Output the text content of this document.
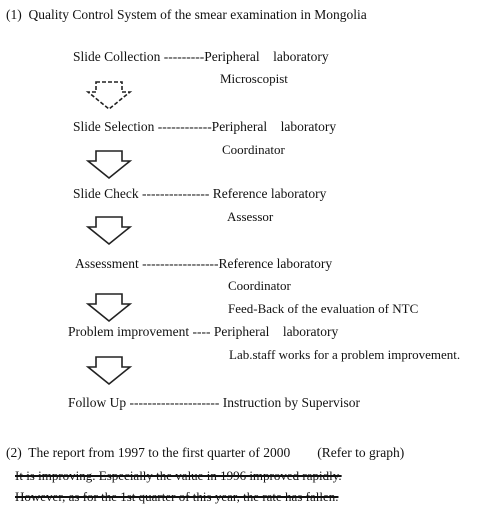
(1)  Quality Control System of the smear examination in Mongolia
Slide Collection ---------Peripheral    laboratory
Microscopist
Slide Selection ------------Peripheral    laboratory
Coordinator
Slide Check --------------- Reference laboratory
Assessor
Assessment -----------------Reference laboratory
Coordinator
Feed-Back of the evaluation of NTC
Problem improvement ---- Peripheral    laboratory
Lab.staff works for a problem improvement.
Follow Up -------------------- Instruction by Supervisor
(2)  The report from 1997 to the first quarter of 2000        (Refer to graph)
It is improving. Especially the value in 1996 improved rapidly.
However, as for the 1st quarter of this year, the rate has fallen.
